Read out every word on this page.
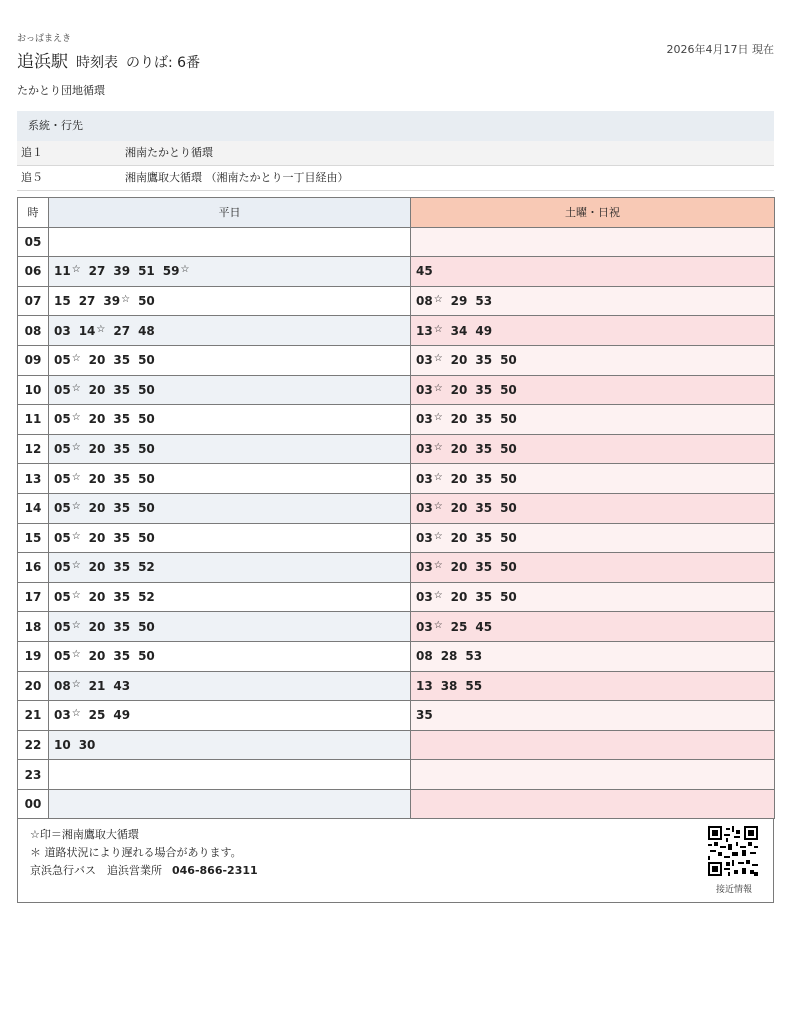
おっぱまえき
追浜駅 時刻表 のりば: 6番
2026年4月17日 現在
たかとり団地循環
系統・行先
追１	湘南たかとり循環
追５	湘南鷹取大循環 （湘南たかとり一丁目経由）
時	平日	土曜・日祝
05		
06	11☆ 27 39 51 59☆	45
07	15 27 39☆ 50	08☆ 29 53
08	03 14☆ 27 48	13☆ 34 49
09	05☆ 20 35 50	03☆ 20 35 50
10	05☆ 20 35 50	03☆ 20 35 50
11	05☆ 20 35 50	03☆ 20 35 50
12	05☆ 20 35 50	03☆ 20 35 50
13	05☆ 20 35 50	03☆ 20 35 50
14	05☆ 20 35 50	03☆ 20 35 50
15	05☆ 20 35 50	03☆ 20 35 50
16	05☆ 20 35 52	03☆ 20 35 50
17	05☆ 20 35 52	03☆ 20 35 50
18	05☆ 20 35 50	03☆ 25 45
19	05☆ 20 35 50	08 28 53
20	08☆ 21 43	13 38 55
21	03☆ 25 49	35
22	10 30	
23		
00		
☆印＝湘南鷹取大循環
＊ 道路状況により遅れる場合があります。
京浜急行バス　追浜営業所 046-866-2311
接近情報
